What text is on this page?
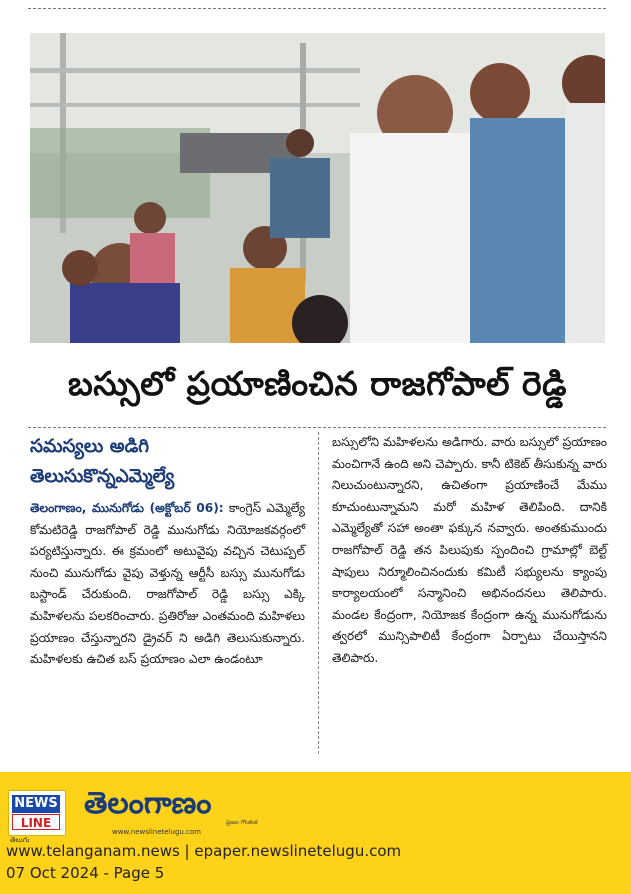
బస్సులో ప్రయాణించిన రాజగోపాల్ రెడ్డి
సమస్యలు అడిగి
తెలుసుకొన్నఎమ్మెల్యే
తెలంగాణం, మునుగోడు (అక్టోబర్ 06): కాంగ్రెస్ ఎమ్మెల్యే కోమటిరెడ్డి రాజగోపాల్ రెడ్డి మునుగోడు నియోజకవర్గంలో పర్యటిస్తున్నారు. ఈ క్రమంలో అటువైపు వచ్చిన చెటుప్పల్ నుంచి మునుగోడు వైపు వెళ్తున్న ఆర్టీసీ బస్సు మునుగోడు బస్టాండ్ చేరుకుంది. రాజగోపాల్ రెడ్డి బస్సు ఎక్కి మహిళలను పలకరించారు. ప్రతిరోజు ఎంతమంది మహిళలు ప్రయాణం చేస్తున్నారని డ్రైవర్ ని అడిగి తెలుసుకున్నారు. మహిళలకు ఉచిత బస్ ప్రయాణం ఎలా ఉండంటూ
బస్సులోని మహిళలను అడిగారు. వారు బస్సులో ప్రయాణం మంచిగానే ఉంది అని చెప్పారు. కానీ టికెట్ తీసుకున్న వారు నిలుచుంటున్నారని, ఉచితంగా ప్రయాణించే మేము కూచుంటున్నామని మరో మహిళ తెలిపింది. దానికి ఎమ్మెల్యేతో సహా అంతా ఫక్కున నవ్వారు. అంతకుముందు రాజగోపాల్ రెడ్డి తన పిలుపుకు స్పందించి గ్రామాల్లో బెల్ట్ షాపులు నిర్మూలించినందుకు కమిటీ సభ్యులను క్యాంపు కార్యాలయంలో సన్మానించి అభినందనలు తెలిపారు. మండల కేంద్రంగా, నియోజక కేంద్రంగా ఉన్న మునుగోడును త్వరలో మున్సిపాలిటీ కేంద్రంగా ఏర్పాటు చేయిస్తానని తెలిపారు.
NEWS
LINE
తెలుగు
తెలంగాణం
ప్రజల గొంతుక
www.newslinetelugu.com
www.telanganam.news | epaper.newslinetelugu.com
07 Oct 2024 - Page 5
